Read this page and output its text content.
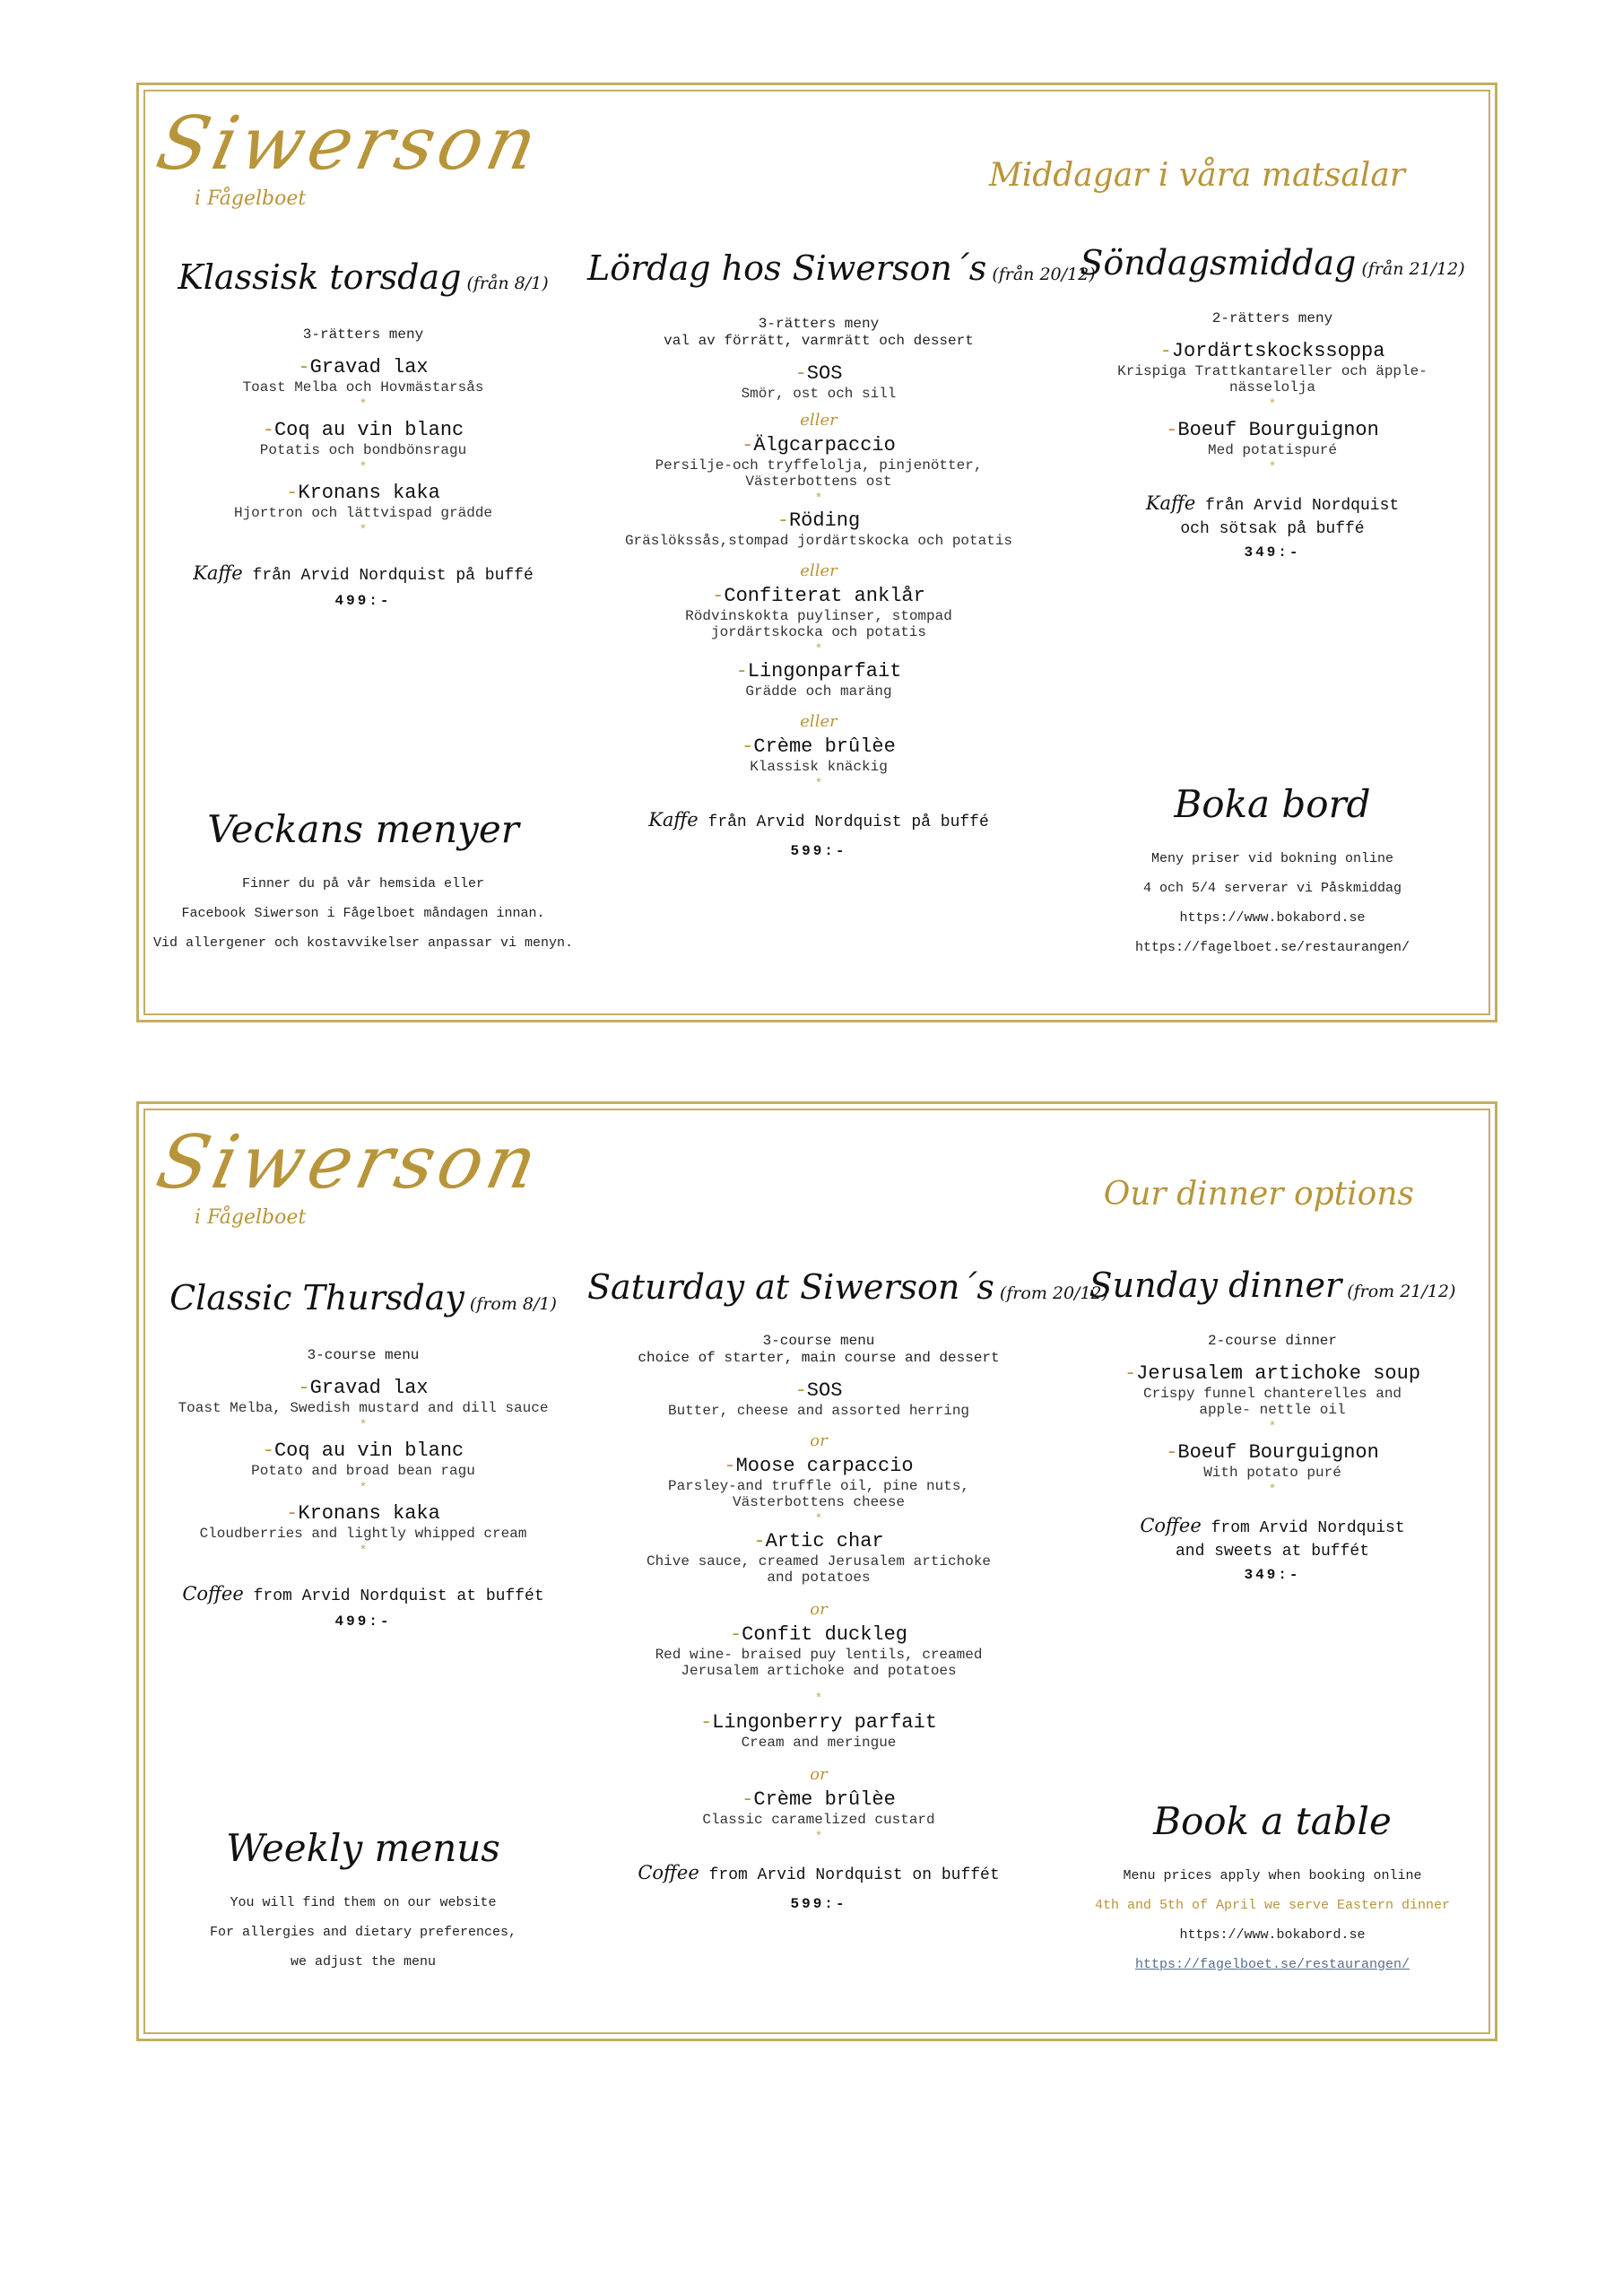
Siwerson
i Fågelboet
Middagar i våra matsalar
Klassisk torsdag (från 8/1)
3-rätters meny
-Gravad lax
Toast Melba och Hovmästarsås
*
-Coq au vin blanc
Potatis och bondbönsragu
*
-Kronans kaka
Hjortron och lättvispad grädde
*
Kaffe från Arvid Nordquist på buffé
499:-
Lördag hos Siwerson´s (från 20/12)
3-rätters meny
val av förrätt, varmrätt och dessert
-SOS
Smör, ost och sill
eller
-Älgcarpaccio
Persilje-och tryffelolja, pinjenötter, Västerbottens ost
*
-Röding
Gräslökssås,stompad jordärtskocka och potatis
eller
-Confiterat anklår
Rödvinskokta puylinser, stompad jordärtskocka och potatis
*
-Lingonparfait
Grädde och maräng
eller
-Crème brûlèe
Klassisk knäckig
*
Kaffe från Arvid Nordquist på buffé
599:-
Söndagsmiddag (från 21/12)
2-rätters meny
-Jordärtskockssoppa
Krispiga Trattkantareller och äpple-nässelolja
*
-Boeuf Bourguignon
Med potatispuré
*
Kaffe från Arvid Nordquist
och sötsak på buffé
349:-
Veckans menyer
Finner du på vår hemsida eller
Facebook Siwerson i Fågelboet måndagen innan.
Vid allergener och kostavvikelser anpassar vi menyn.
Boka bord
Meny priser vid bokning online
4 och 5/4 serverar vi Påskmiddag
https://www.bokabord.se
https://fagelboet.se/restaurangen/
Siwerson
i Fågelboet
Our dinner options
Classic Thursday (from 8/1)
3-course menu
-Gravad lax
Toast Melba, Swedish mustard and dill sauce
*
-Coq au vin blanc
Potato and broad bean ragu
*
-Kronans kaka
Cloudberries and lightly whipped cream
*
Coffee from Arvid Nordquist at buffét
499:-
Saturday at Siwerson´s (from 20/12)
3-course menu
choice of starter, main course and dessert
-SOS
Butter, cheese and assorted herring
or
-Moose carpaccio
Parsley-and truffle oil, pine nuts, Västerbottens cheese
*
-Artic char
Chive sauce, creamed Jerusalem artichoke and potatoes
or
-Confit duckleg
Red wine- braised puy lentils, creamed Jerusalem artichoke and potatoes
*
-Lingonberry parfait
Cream and meringue
or
-Crème brûlèe
Classic caramelized custard
*
Coffee from Arvid Nordquist on buffét
599:-
Sunday dinner (from 21/12)
2-course dinner
-Jerusalem artichoke soup
Crispy funnel chanterelles and apple- nettle oil
*
-Boeuf Bourguignon
With potato puré
*
Coffee from Arvid Nordquist
and sweets at buffét
349:-
Weekly menus
You will find them on our website
For allergies and dietary preferences,
we adjust the menu
Book a table
Menu prices apply when booking online
4th and 5th of April we serve Eastern dinner
https://www.bokabord.se
https://fagelboet.se/restaurangen/
